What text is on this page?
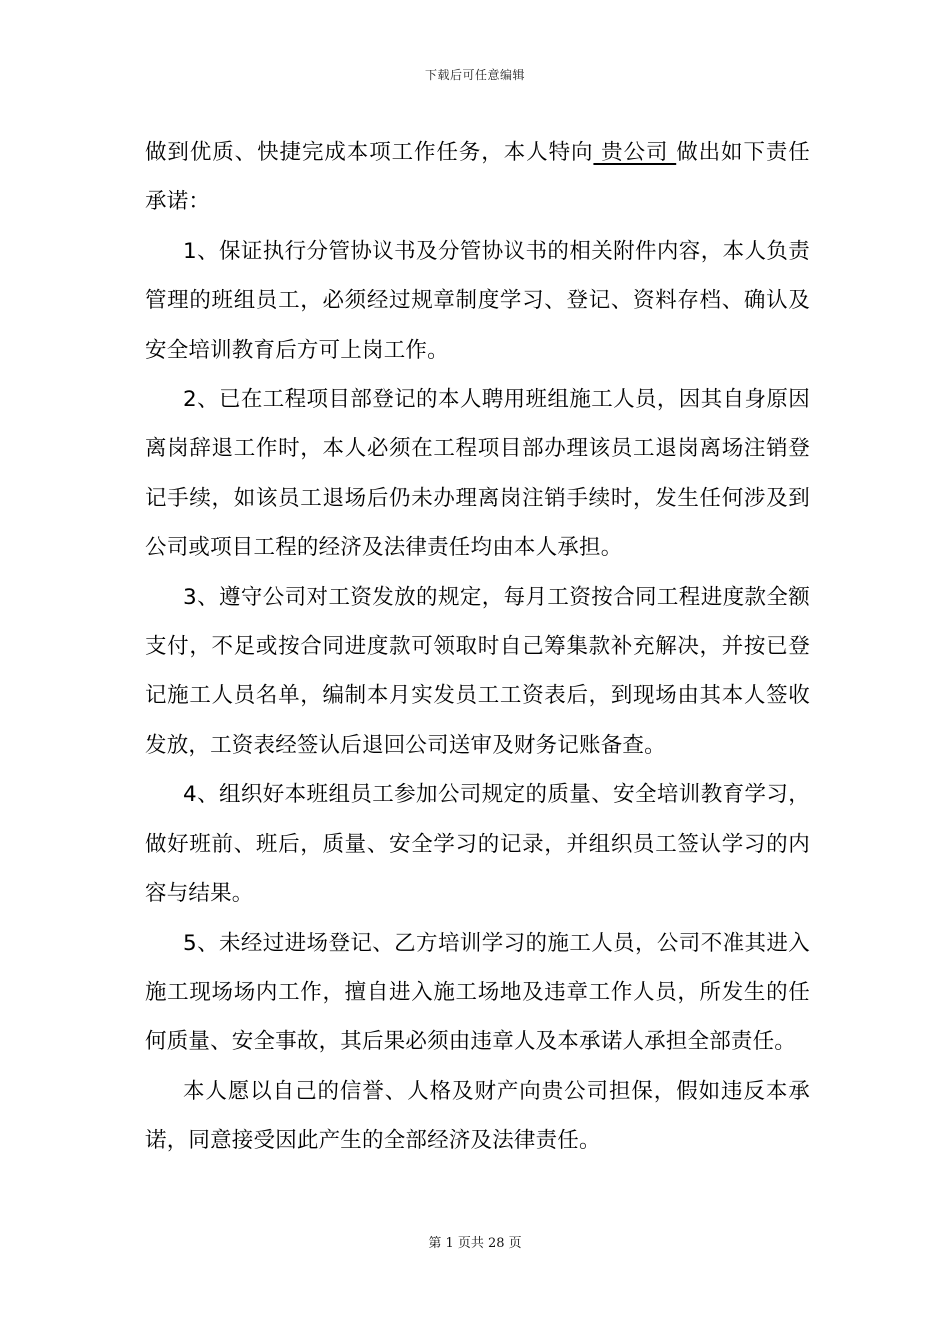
下载后可任意编辑

做到优质、快捷完成本项工作任务，本人特向 贵公司 做出如下责任承诺：

1、保证执行分管协议书及分管协议书的相关附件内容，本人负责管理的班组员工，必须经过规章制度学习、登记、资料存档、确认及安全培训教育后方可上岗工作。

2、已在工程项目部登记的本人聘用班组施工人员，因其自身原因离岗辞退工作时，本人必须在工程项目部办理该员工退岗离场注销登记手续，如该员工退场后仍未办理离岗注销手续时，发生任何涉及到公司或项目工程的经济及法律责任均由本人承担。

3、遵守公司对工资发放的规定，每月工资按合同工程进度款全额支付，不足或按合同进度款可领取时自己筹集款补充解决，并按已登记施工人员名单，编制本月实发员工工资表后，到现场由其本人签收发放，工资表经签认后退回公司送审及财务记账备查。

4、组织好本班组员工参加公司规定的质量、安全培训教育学习，做好班前、班后，质量、安全学习的记录，并组织员工签认学习的内容与结果。

5、未经过进场登记、乙方培训学习的施工人员，公司不准其进入施工现场场内工作，擅自进入施工场地及违章工作人员，所发生的任何质量、安全事故，其后果必须由违章人及本承诺人承担全部责任。

本人愿以自己的信誉、人格及财产向贵公司担保，假如违反本承诺，同意接受因此产生的全部经济及法律责任。

第 1 页共 28 页
